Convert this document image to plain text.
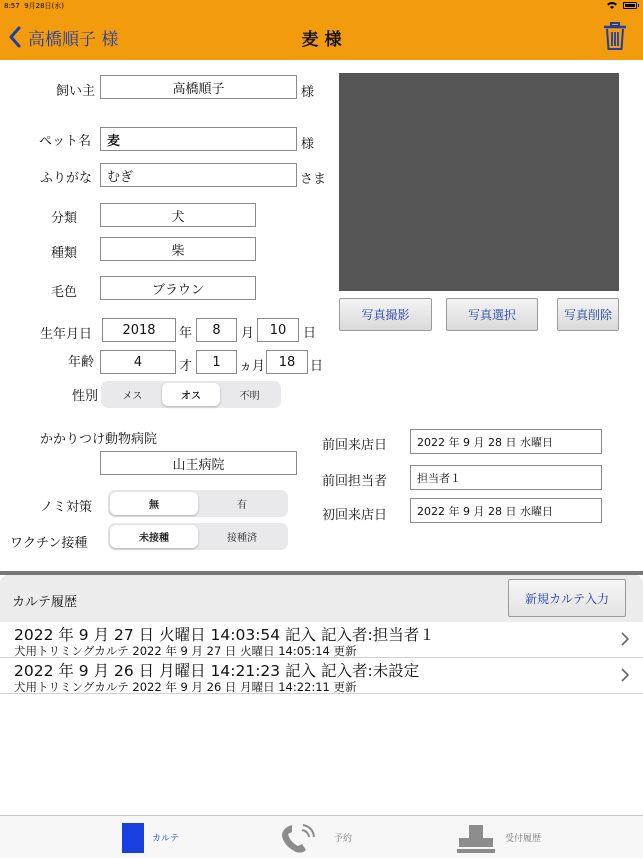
8:57 9月28日(水)
高橋順子 様	麦 様
飼い主	高橋順子	様
ペット名	麦	様
ふりがな	むぎ	さま
分類	犬
種類	柴
毛色	ブラウン
生年月日	2018	年	8	月	10	日
年齢	4	才	1	ヵ月	18	日
性別	メス	オス	不明
かかりつけ動物病院
山王病院
ノミ対策	無	有
ワクチン接種	未接種	接種済
写真撮影	写真選択	写真削除
前回来店日	2022 年 9 月 28 日 水曜日
前回担当者	担当者１
初回来店日	2022 年 9 月 28 日 水曜日
カルテ履歴	新規カルテ入力
2022 年 9 月 27 日 火曜日 14:03:54 記入 記入者:担当者１
犬用トリミングカルテ 2022 年 9 月 27 日 火曜日 14:05:14 更新
2022 年 9 月 26 日 月曜日 14:21:23 記入 記入者:未設定
犬用トリミングカルテ 2022 年 9 月 26 日 月曜日 14:22:11 更新
カルテ	予約	受付履歴
